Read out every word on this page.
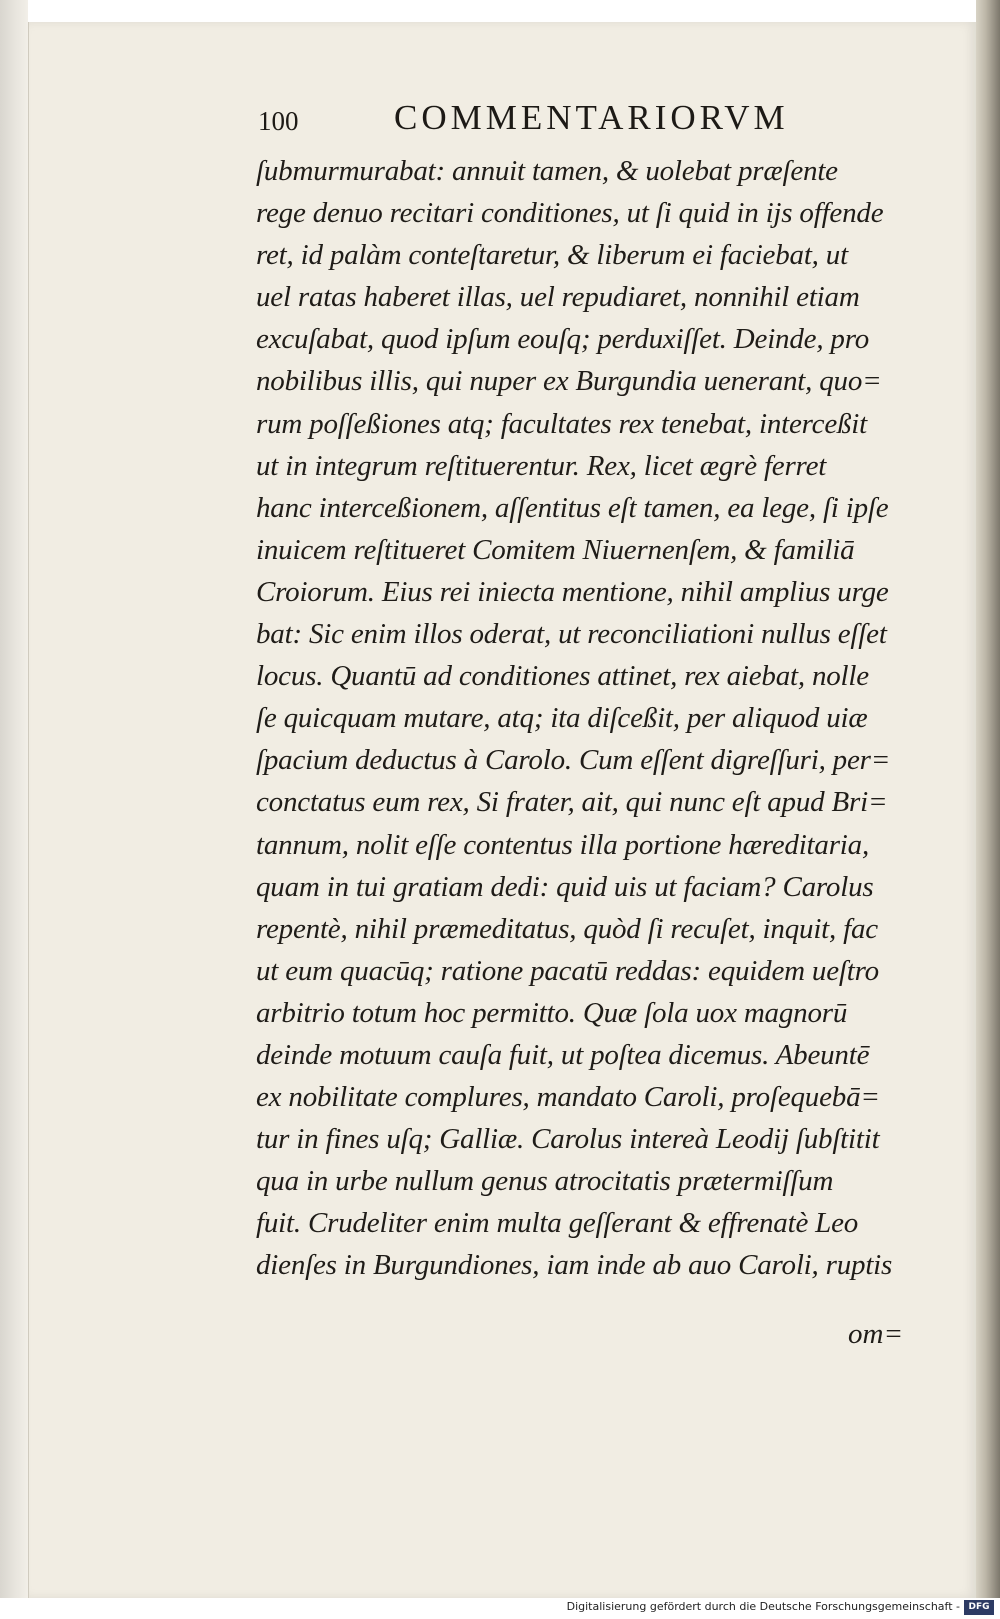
100	COMMENTARIORVM
ſubmurmurabat: annuit tamen, & uolebat præſente
rege denuo recitari conditiones, ut ſi quid in ijs offende
ret, id palàm conteſtaretur, & liberum ei faciebat, ut
uel ratas haberet illas, uel repudiaret, nonnihil etiam
excuſabat, quod ipſum eouſq; perduxiſſet. Deinde, pro
nobilibus illis, qui nuper ex Burgundia uenerant, quo=
rum poſſeßiones atq; facultates rex tenebat, interceßit
ut in integrum reſtituerentur. Rex, licet ægrè ferret
hanc interceßionem, aſſentitus eſt tamen, ea lege, ſi ipſe
inuicem reſtitueret Comitem Niuernenſem, & familiā
Croiorum. Eius rei iniecta mentione, nihil amplius urge
bat: Sic enim illos oderat, ut reconciliationi nullus eſſet
locus. Quantū ad conditiones attinet, rex aiebat, nolle
ſe quicquam mutare, atq; ita diſceßit, per aliquod uiæ
ſpacium deductus à Carolo. Cum eſſent digreſſuri, per=
conctatus eum rex, Si frater, ait, qui nunc eſt apud Bri=
tannum, nolit eſſe contentus illa portione hæreditaria,
quam in tui gratiam dedi: quid uis ut faciam? Carolus
repentè, nihil præmeditatus, quòd ſi recuſet, inquit, fac
ut eum quacūq; ratione pacatū reddas: equidem ueſtro
arbitrio totum hoc permitto. Quæ ſola uox magnorū
deinde motuum cauſa fuit, ut poſtea dicemus. Abeuntē
ex nobilitate complures, mandato Caroli, proſequebā=
tur in fines uſq; Galliæ. Carolus intereà Leodij ſubſtitit
qua in urbe nullum genus atrocitatis prætermiſſum
fuit. Crudeliter enim multa geſſerant & effrenatè Leo
dienſes in Burgundiones, iam inde ab auo Caroli, ruptis
om=
Digitalisierung gefördert durch die Deutsche Forschungsgemeinschaft - DFG
